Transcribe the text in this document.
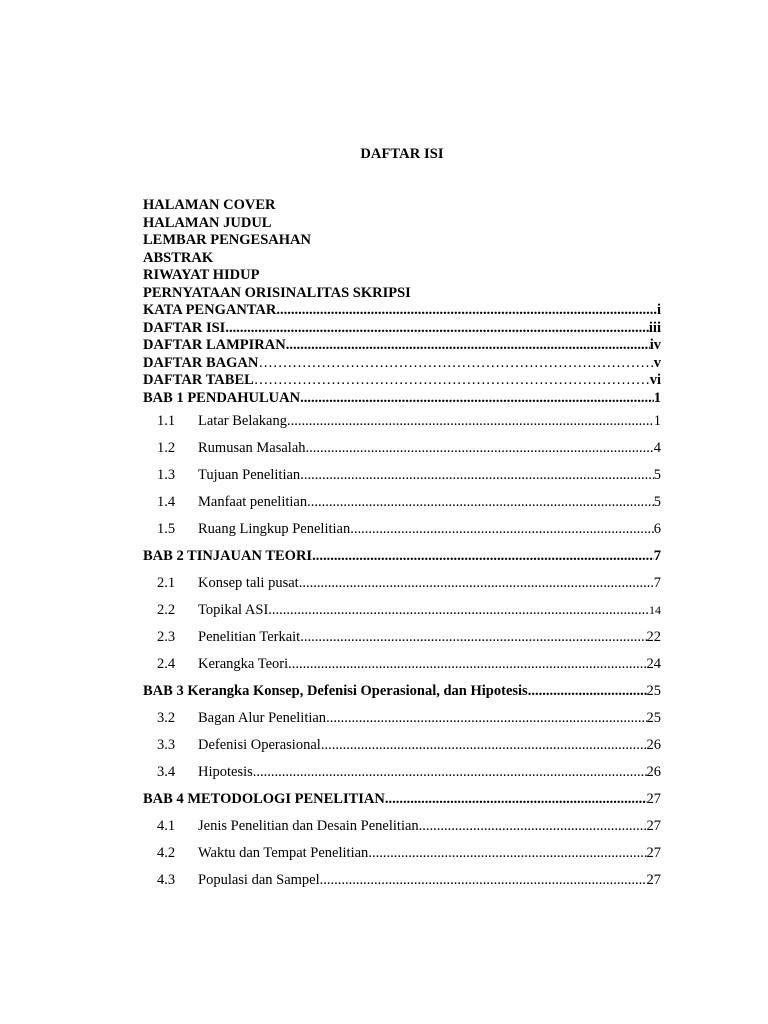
DAFTAR ISI
HALAMAN COVER
HALAMAN JUDUL
LEMBAR PENGESAHAN
ABSTRAK
RIWAYAT HIDUP
PERNYATAAN ORISINALITAS SKRIPSI
KATA PENGANTAR .....	i
DAFTAR ISI .....	iii
DAFTAR LAMPIRAN .....	iv
DAFTAR BAGAN …………………………………………………………………………………………………………………………………………………	v
DAFTAR TABEL …………………………………………………………………………………………………………………………………………………	vi
BAB 1 PENDAHULUAN .....	1
1.1	Latar Belakang .....	1
1.2	Rumusan Masalah .....	4
1.3	Tujuan Penelitian .....	5
1.4	Manfaat penelitian .....	5
1.5	Ruang Lingkup Penelitian .....	6
BAB 2 TINJAUAN TEORI .....	7
2.1	Konsep tali pusat .....	7
2.2	Topikal ASI .....	14
2.3	Penelitian Terkait .....	22
2.4	Kerangka Teori .....	24
BAB 3 Kerangka Konsep, Defenisi Operasional, dan Hipotesis .....	25
3.2	Bagan Alur Penelitian .....	25
3.3	Defenisi Operasional .....	26
3.4	Hipotesis .....	26
BAB 4 METODOLOGI PENELITIAN .....	27
4.1	Jenis Penelitian dan Desain Penelitian .....	27
4.2	Waktu dan Tempat Penelitian .....	27
4.3	Populasi dan Sampel .....	27
